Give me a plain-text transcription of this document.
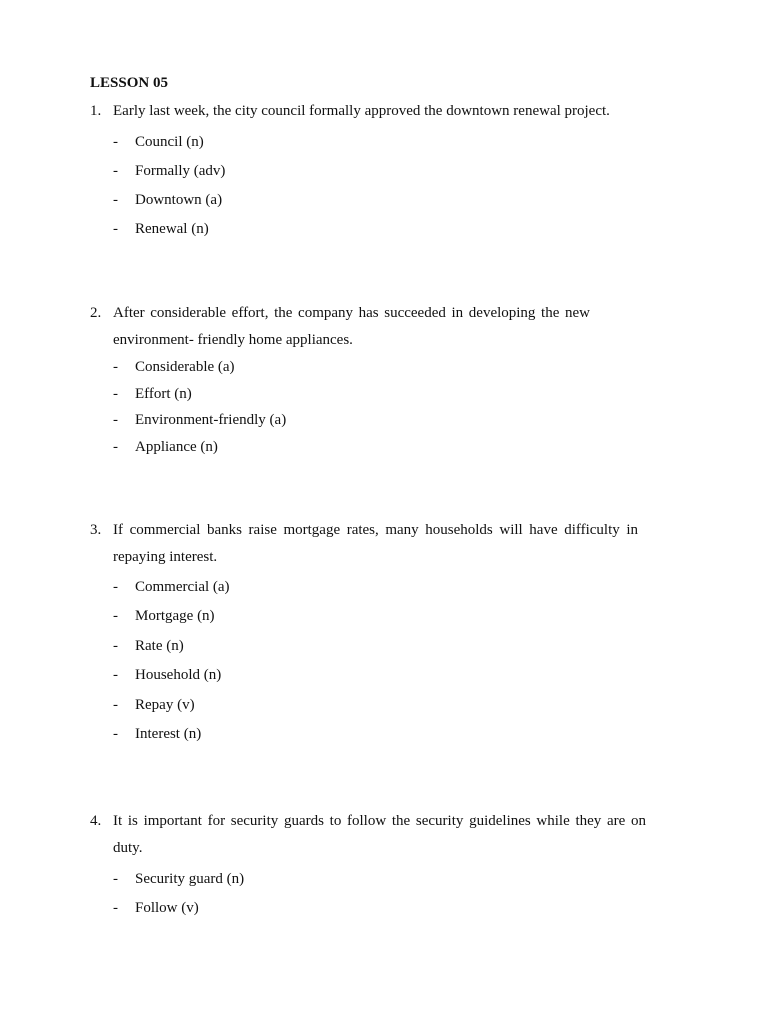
LESSON 05
1. Early last week, the city council formally approved the downtown renewal project.
- Council (n)
- Formally (adv)
- Downtown (a)
- Renewal (n)
2. After considerable effort, the company has succeeded in developing the new environment- friendly home appliances.
- Considerable (a)
- Effort (n)
- Environment-friendly (a)
- Appliance (n)
3. If commercial banks raise mortgage rates, many households will have difficulty in repaying interest.
- Commercial (a)
- Mortgage (n)
- Rate (n)
- Household (n)
- Repay (v)
- Interest (n)
4. It is important for security guards to follow the security guidelines while they are on duty.
- Security guard (n)
- Follow (v)
